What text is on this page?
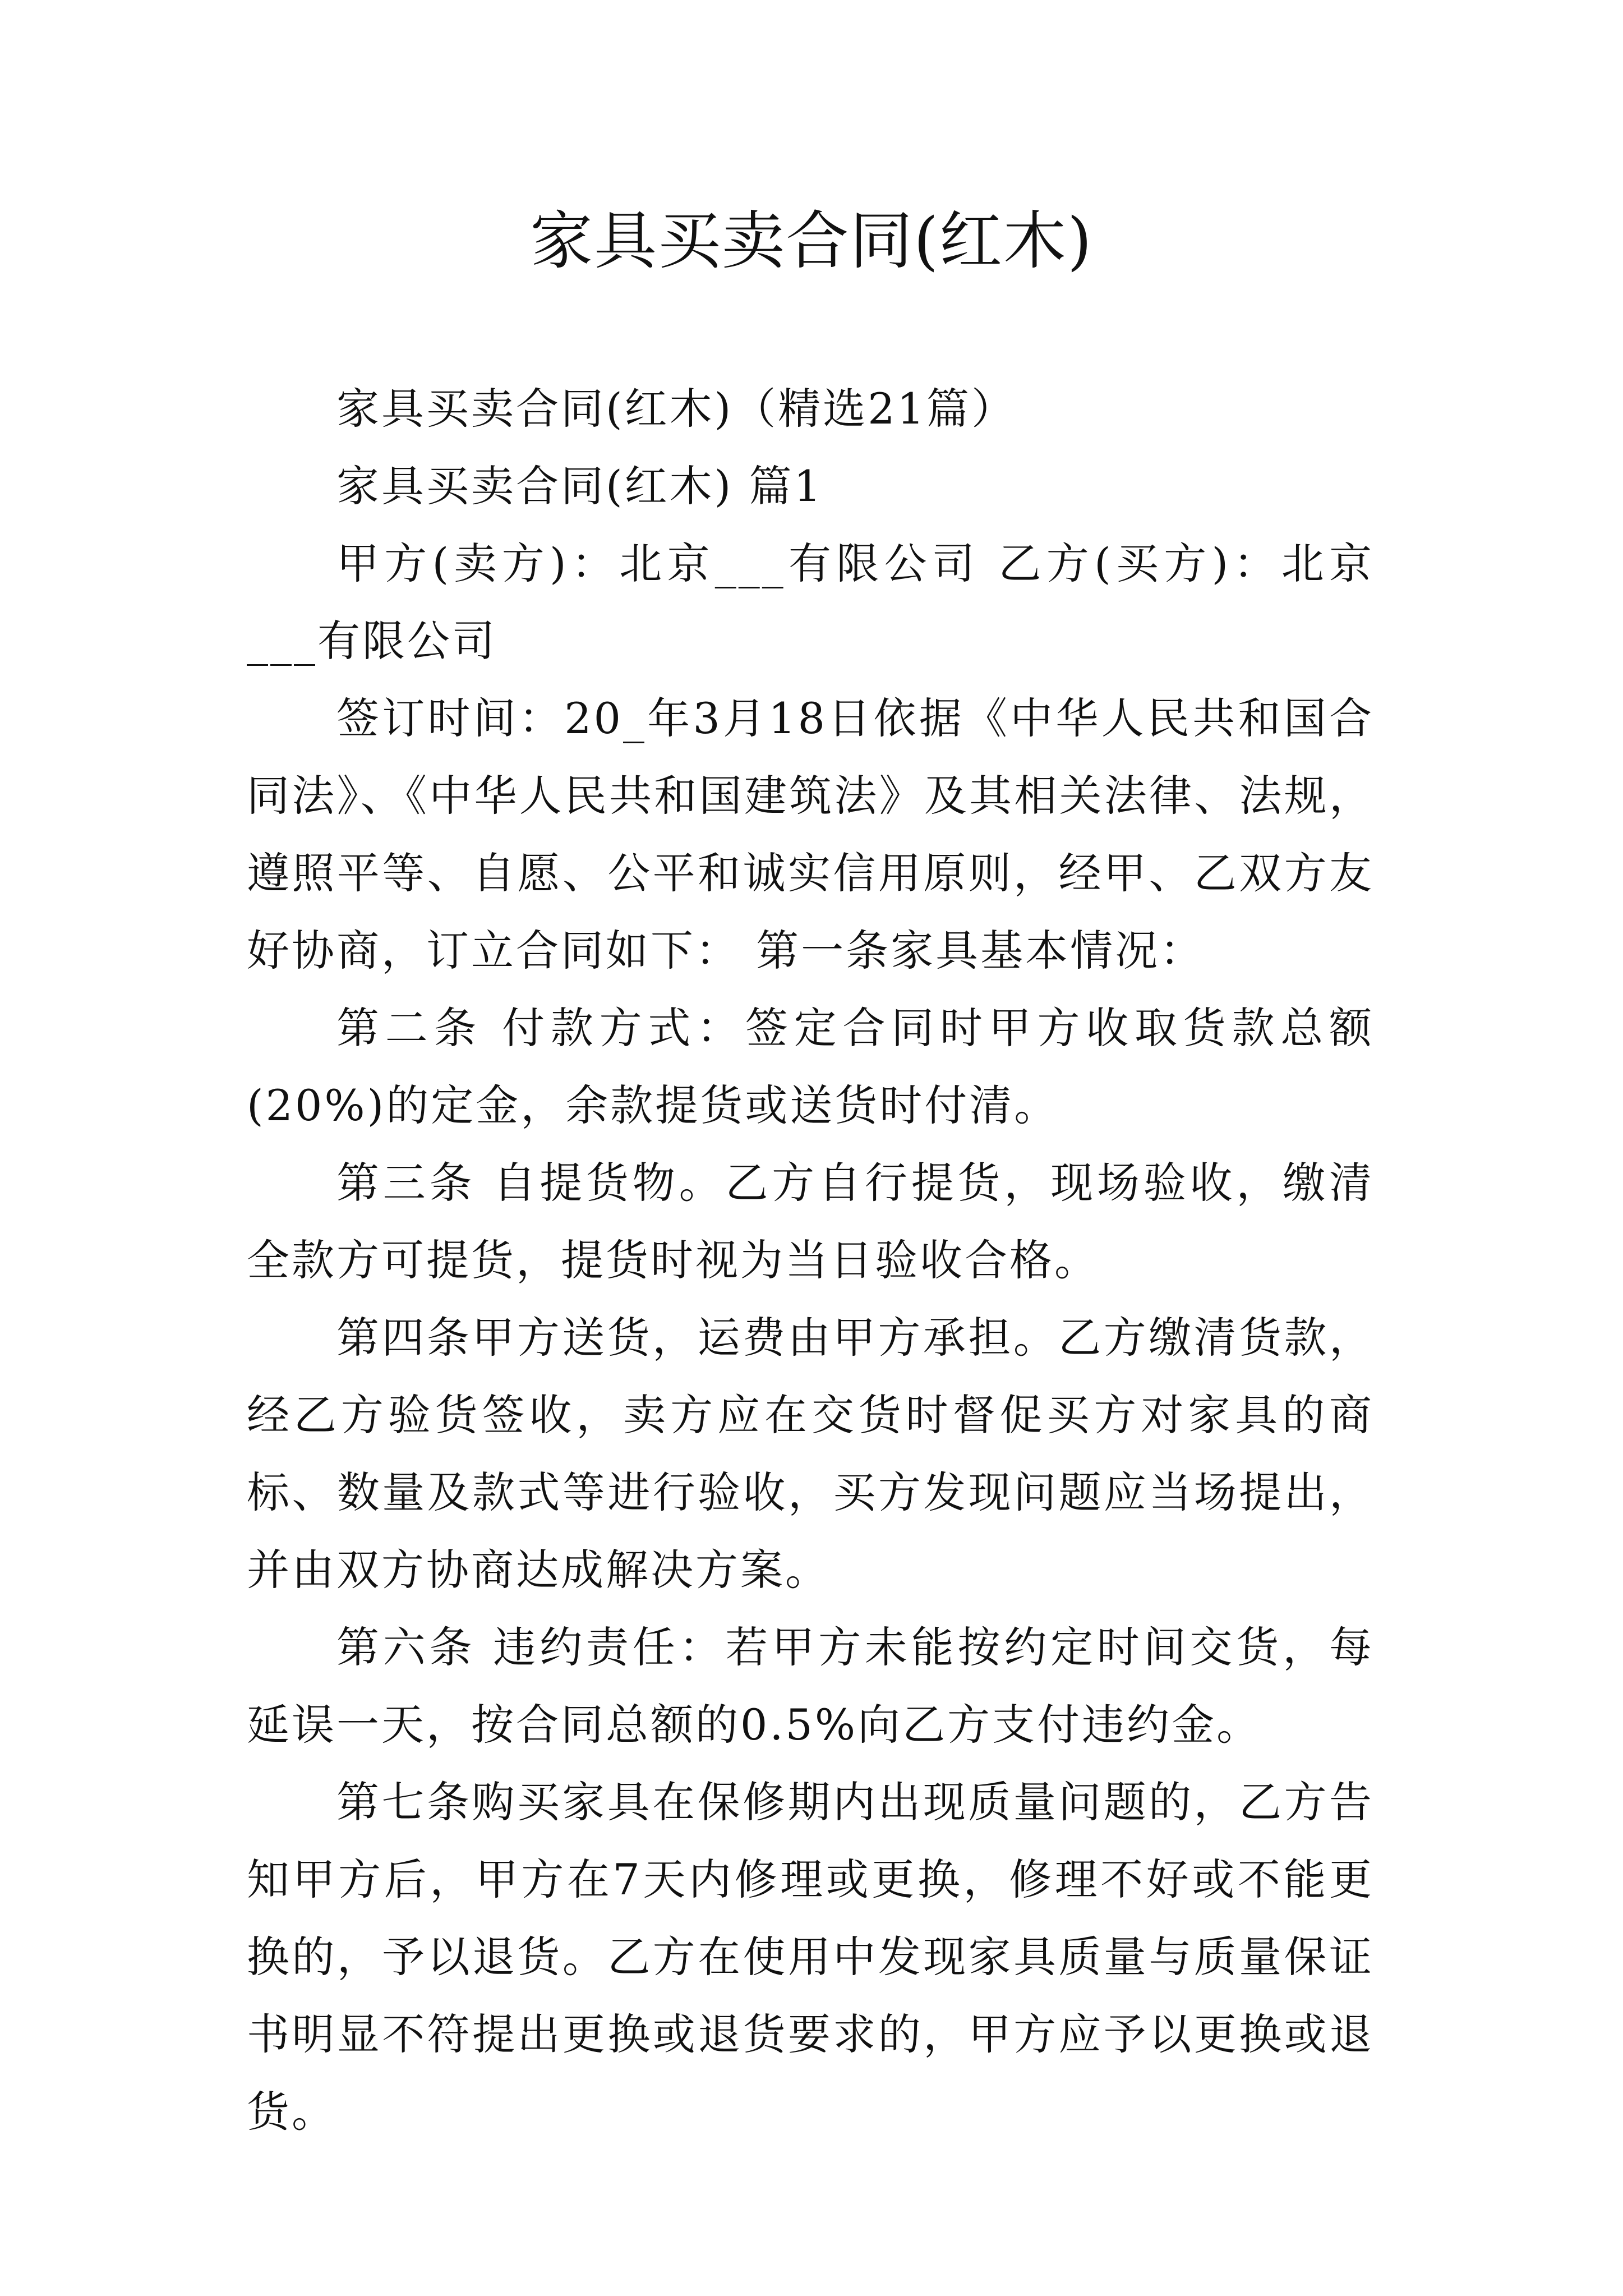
家具买卖合同(红木)

家具买卖合同(红木)（精选21篇）

家具买卖合同(红木) 篇1

甲方(卖方)：北京___有限公司 乙方(买方)：北京___有限公司

签订时间：20_年3月18日依据《中华人民共和国合同法》、《中华人民共和国建筑法》及其相关法律、法规，遵照平等、自愿、公平和诚实信用原则，经甲、乙双方友好协商，订立合同如下： 第一条家具基本情况：

第二条 付款方式：签定合同时甲方收取货款总额(20%)的定金，余款提货或送货时付清。

第三条 自提货物。乙方自行提货，现场验收，缴清全款方可提货，提货时视为当日验收合格。

第四条甲方送货，运费由甲方承担。乙方缴清货款，经乙方验货签收，卖方应在交货时督促买方对家具的商标、数量及款式等进行验收，买方发现问题应当场提出，并由双方协商达成解决方案。

第六条 违约责任：若甲方未能按约定时间交货，每延误一天，按合同总额的0.5%向乙方支付违约金。

第七条购买家具在保修期内出现质量问题的，乙方告知甲方后，甲方在7天内修理或更换，修理不好或不能更换的，予以退货。乙方在使用中发现家具质量与质量保证书明显不符提出更换或退货要求的，甲方应予以更换或退货。
